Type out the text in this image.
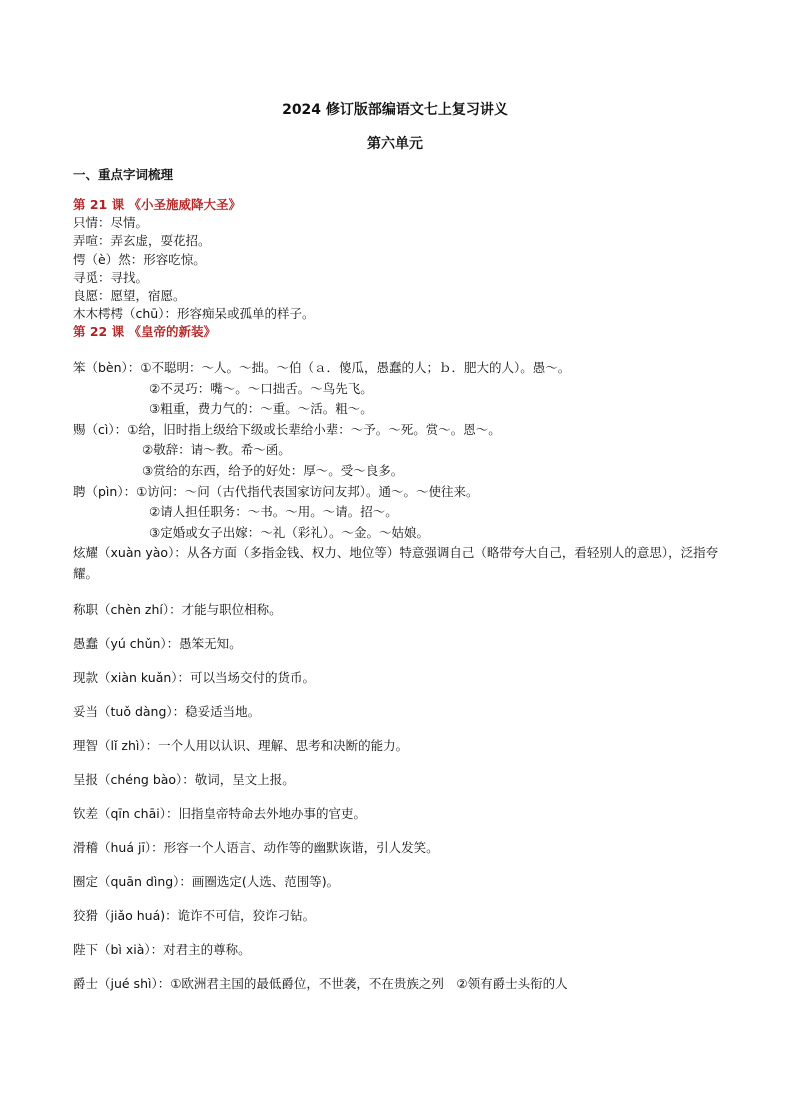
2024 修订版部编语文七上复习讲义
第六单元
一、重点字词梳理
第 21 课 《小圣施威降大圣》
只情：尽情。
弄喧：弄玄虚，耍花招。
愕（è）然：形容吃惊。
寻觅：寻找。
良愿：愿望，宿愿。
木木樗樗（chū）：形容痴呆或孤单的样子。
第 22 课 《皇帝的新装》
笨（bèn）：①不聪明：～人。～拙。～伯（ａ．傻瓜，愚蠢的人；ｂ．肥大的人）。愚～。
②不灵巧：嘴～。～口拙舌。～鸟先飞。
③粗重，费力气的：～重。～活。粗～。
赐（cì）：①给，旧时指上级给下级或长辈给小辈：～予。～死。赏～。恩～。
②敬辞：请～教。希～函。
③赏给的东西，给予的好处：厚～。受～良多。
聘（pìn）：①访问：～问（古代指代表国家访问友邦）。通～。～使往来。
②请人担任职务：～书。～用。～请。招～。
③定婚或女子出嫁：～礼（彩礼）。～金。～姑娘。
炫耀（xuàn yào）：从各方面（多指金钱、权力、地位等）特意强调自己（略带夸大自己，看轻别人的意思），泛指夸耀。
称职（chèn zhí）：才能与职位相称。
愚蠢（yú chǔn）：愚笨无知。
现款（xiàn kuǎn）：可以当场交付的货币。
妥当（tuǒ dàng）：稳妥适当地。
理智（lǐ zhì）：一个人用以认识、理解、思考和决断的能力。
呈报（chéng bào）：敬词，呈文上报。
钦差（qīn chāi）：旧指皇帝特命去外地办事的官吏。
滑稽（huá jī）：形容一个人语言、动作等的幽默诙谐，引人发笑。
圈定（quān dìng）：画圈选定(人选、范围等)。
狡猾（jiǎo huá)：诡诈不可信，狡诈刁钻。
陛下（bì xià）：对君主的尊称。
爵士（jué shì）：①欧洲君主国的最低爵位，不世袭，不在贵族之列　②领有爵士头衔的人
